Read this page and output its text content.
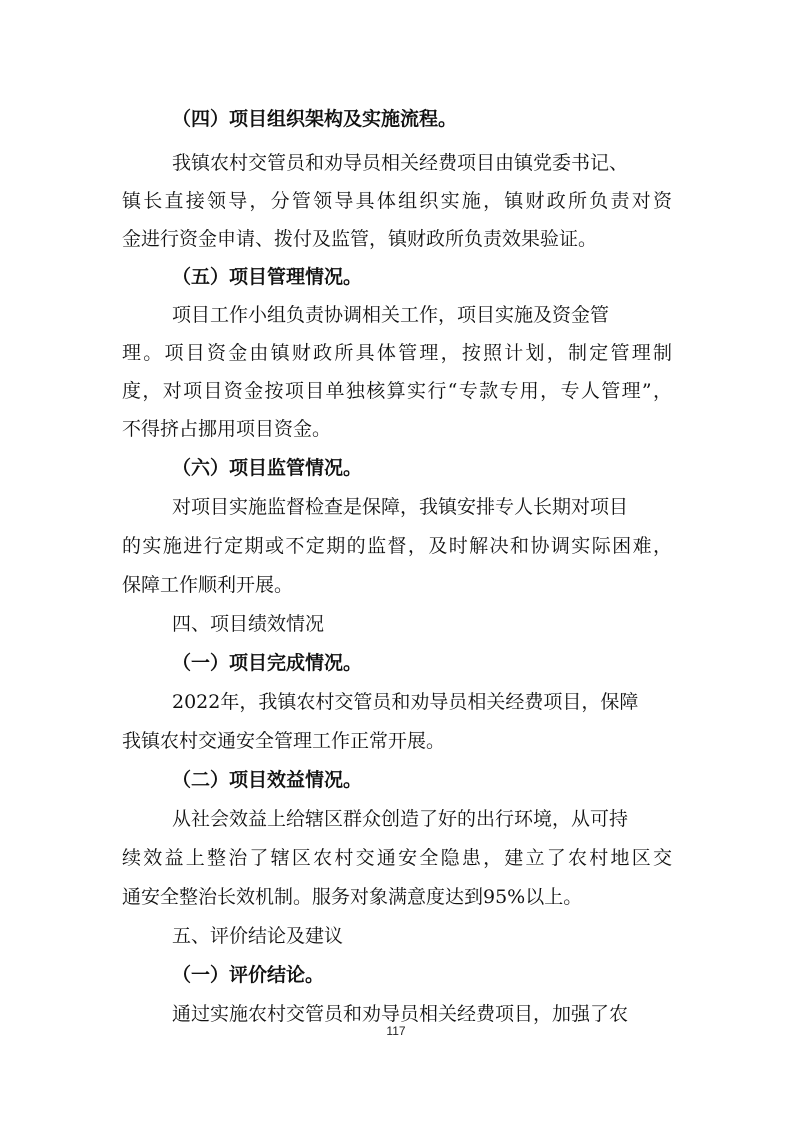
（四）项目组织架构及实施流程。
我镇农村交管员和劝导员相关经费项目由镇党委书记、
镇长直接领导，分管领导具体组织实施，镇财政所负责对资
金进行资金申请、拨付及监管，镇财政所负责效果验证。
（五）项目管理情况。
项目工作小组负责协调相关工作，项目实施及资金管
理。项目资金由镇财政所具体管理，按照计划，制定管理制
度，对项目资金按项目单独核算实行“专款专用，专人管理”，
不得挤占挪用项目资金。
（六）项目监管情况。
对项目实施监督检查是保障，我镇安排专人长期对项目
的实施进行定期或不定期的监督，及时解决和协调实际困难，
保障工作顺利开展。
四、项目绩效情况
（一）项目完成情况。
2022年，我镇农村交管员和劝导员相关经费项目，保障
我镇农村交通安全管理工作正常开展。
（二）项目效益情况。
从社会效益上给辖区群众创造了好的出行环境，从可持
续效益上整治了辖区农村交通安全隐患，建立了农村地区交
通安全整治长效机制。服务对象满意度达到95%以上。
五、评价结论及建议
（一）评价结论。
通过实施农村交管员和劝导员相关经费项目，加强了农
117
